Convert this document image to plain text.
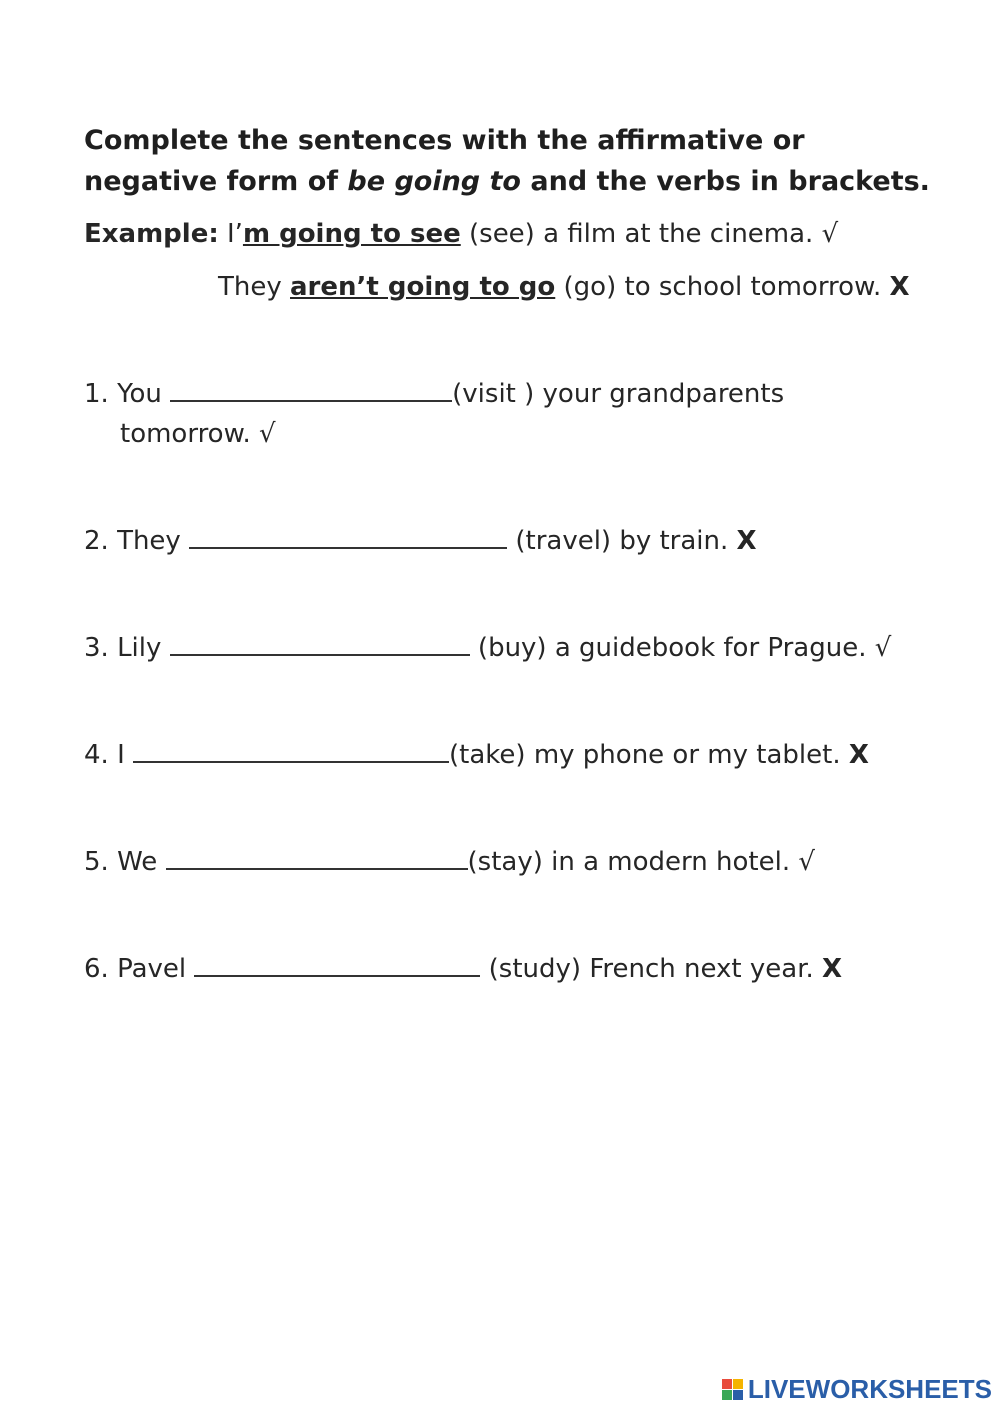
Complete the sentences with the affirmative or negative form of be going to and the verbs in brackets.
Example: I’m going to see (see) a film at the cinema. √
They aren’t going to go (go) to school tomorrow. X
1. You	(visit ) your grandparents
tomorrow. √
2. They	(travel) by train. X
3. Lily	(buy) a guidebook for Prague. √
4. I	(take) my phone or my tablet. X
5. We	(stay) in a modern hotel. √
6. Pavel	(study) French next year. X
LIVEWORKSHEETS
